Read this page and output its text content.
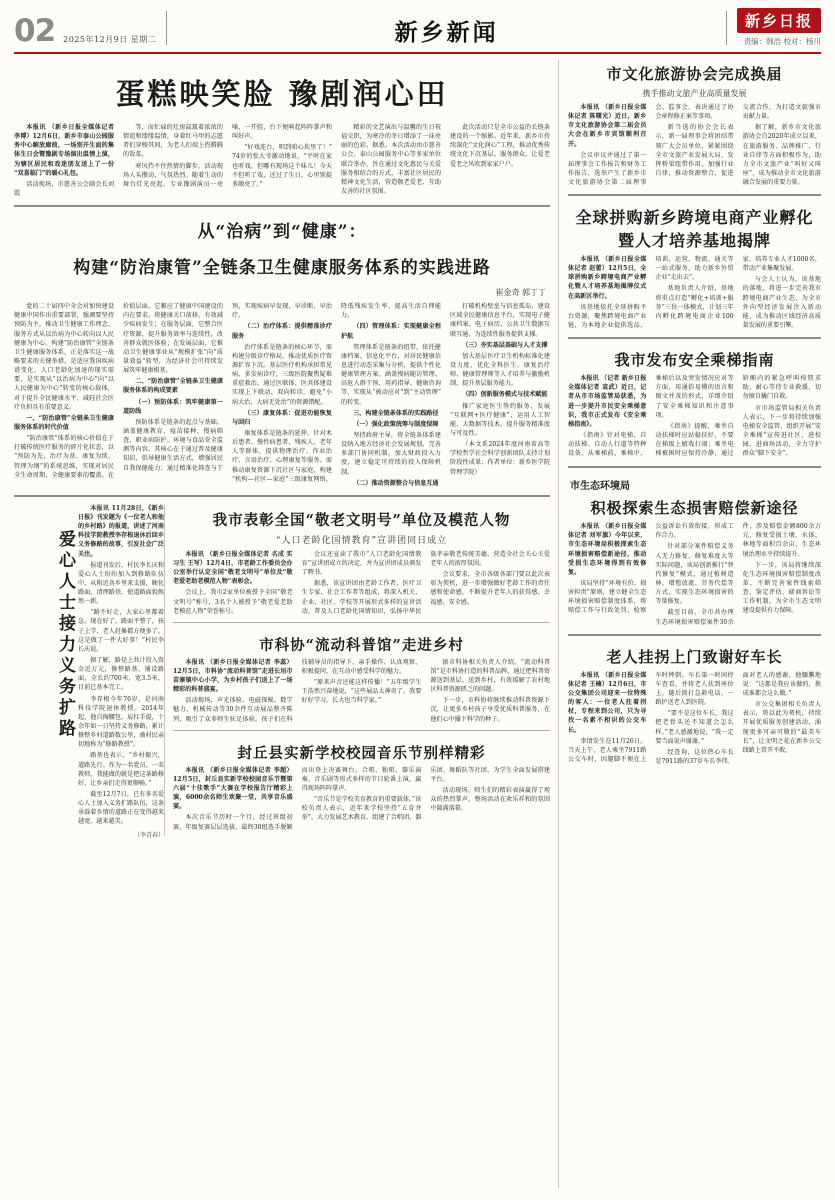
02 2025年12月9日 星期二	新乡新闻	新乡日报
责编：韩浩 校对：杨川
蛋糕映笑脸 豫剧润心田

本报讯 （新乡日报全媒体记者 李博）12月6日，新乡市泰山公园服务中心解放廊前，一场别开生面的集体生日会暨豫剧专场演出温情上演，为辖区居民和戏迷朋友送上了一份“双喜临门”的暖心礼包。

活动现场，市慈善公会副会长刘霞

等，而忙碌的灶房氤氲着浓浓的情谊和缕缕温情，身着红马甲的志愿者们穿梭其间，为老人们端上热腾腾的饭菜。

寒风挡不住热情的脚步，活动现场人头攒动、气氛热烈。随着生动的舞台灯光亮起，专业豫剧演员一亮嗓、一开腔，台下便响起阵阵掌声和叫好声。

“好戏连台，唱到咱心坎里了！”74岁的张大爷激动地说，“平时在家也听戏，但哪有现场这个味儿！今天不但听了戏，还过了生日，心里别提多敞亮了。”

精彩的文艺演出与温馨的生日祝福交织，为寒冷的冬日增添了一抹亮丽的色彩。据悉，本次活动由市慈善公会、泰山公园服务中心等多家单位联合举办，旨在通过文化惠民与关爱服务相结合的方式，丰富社区居民的精神文化生活，营造敬老爱老、互助友善的社区氛围。

此次活动只是全市公益的长链条建设的一个缩影。近年来，新乡市持续深化“文化润心”工程，推动优秀传统文化下沉基层、服务群众，让爱老爱老之风吹到家家户户。

从“治病”到“健康”：
构建“防治康管”全链条卫生健康服务体系的实践进路
崔金奇 郭丁丁

党的二十届四中全会对加快建设健康中国作出重要部署，强调要坚持预防为主，推动卫生健康工作理念、服务方式从以治病为中心转向以人民健康为中心。构建“防治康管”全链条卫生健康服务体系，正是落实这一战略要求的关键举措，是适应我国疾病谱变化、人口老龄化加速的现实需要，是实现从“以治病为中心”向“以人民健康为中心”转变的核心载体，对于提升全民健康水平、减轻社会医疗负担具有重要意义。

一、“防治康管”全链条卫生健康服务体系的时代价值

“防治康管”体系的核心价值在于打破传统医疗服务的碎片化状态，以“预防为先、治疗为基、康复为续、管理为纲”的系统思维，实现对居民全生命周期、全健康要素的覆盖。在价值层面，它顺应了健康中国建设的内在要求，将健康关口前移，有效减少疾病发生；在服务层面，它整合医疗资源，提升服务效率与连续性，改善群众就医体验；在发展层面，它推动卫生健康事业从“规模扩张”向“质量效益”转型，为经济社会可持续发展筑牢健康根基。

二、“防治康管”全链条卫生健康服务体系的构成要素

（一）预防体系：筑牢健康第一道防线

预防体系是链条的起点与基础，涵盖健康教育、疫苗接种、慢病筛查、职业病防护、环境与食品安全监测等内容。其核心在于通过普及健康知识、倡导健康生活方式，增强居民自我保健能力；通过精准化筛查与干预，实现疾病早发现、早诊断、早治疗。

（二）治疗体系：提供精准诊疗服务

治疗体系是链条的核心环节，需构建分级诊疗格局，推动优质医疗资源扩容下沉。基层医疗机构承担常见病、多发病诊疗，三级医院聚焦疑难重症救治，通过医联体、医共体建设实现上下联动、双向转诊，避免“小病大治、大病无处治”的资源错配。

（三）康复体系：促进功能恢复与回归

康复体系是链条的延伸，针对术后患者、慢性病患者、残疾人、老年人等群体，提供物理治疗、作业治疗、言语治疗、心理康复等服务。需推动康复资源下沉社区与家庭，构建“机构—社区—家庭”三级康复网络，降低残疾发生率，提高生活自理能力。

（四）管理体系：实现健康全程护航

管理体系是链条的纽带，依托健康档案、信息化平台，对居民健康信息进行动态采集与分析，提供个性化健康管理方案。涵盖慢病随访管理、高危人群干预、用药指导、健康咨询等，实现从“被动应对”到“主动管理”的转变。

三、构建全链条体系的实践路径

（一）强化政策统筹与制度保障

坚持政府主导，将全链条体系建设纳入地方经济社会发展规划，完善多部门协同机制，加大财政投入力度，建立稳定可持续的投入保障机制。

（二）推动资源整合与信息互通

打破机构壁垒与信息孤岛，建设区域全民健康信息平台，实现电子健康档案、电子病历、公共卫生数据互联互通，为连续性服务提供支撑。

（三）夯实基层基础与人才支撑

加大基层医疗卫生机构标准化建设力度，优化全科医生、康复治疗师、健康管理师等人才培养与激励机制，提升基层服务能力。

（四）创新服务模式与技术赋能

推广家庭医生签约服务，发展“互联网+医疗健康”，运用人工智能、大数据等技术，提升服务精准度与可及性。

（本文系2024年度河南省高等学校哲学社会科学创新团队支持计划阶段性成果；作者单位：新乡医学院管理学院）

爱心人士接力义务扩路

本报讯 11月28日，《新乡日报》刊发题为《一位老人和他的乡村路》的报道，讲述了河南科技学院教授李存根退休后回乡义务修路的故事，引发社会广泛关注。

报道刊发后，村民李长庆和爱心人士纷纷加入到修路队伍中，从附近各乡里来支援，硬化路面、清理路基，使道路面貌焕然一新。

“路不好走，大家心里都着急。现在好了，路面平整了，孩子上学、老人赶集都方便多了，这是做了一件大好事！”村民李长庆说。

据了解，路径上共计投入资金近万元，修整路基、铺设路面，全长约700米，宽3.5米，目前已基本完工。

李存根今年76岁，是河南科技学院退休教授。2014年起，他自掏腰包、肩扛手提，十余年如一日坚持义务修路，累计修整乡村道路数公里，被村民亲切地称为“修路教授”。

路基也表示，“乡村振兴，道路先行。作为一名党员、一名教师，我能做的就是把这条路修好，让乡亲们走得更顺畅。”

截至12月7日，已有多名爱心人士加入义务扩路队伍，这条承载着乡情的道路正在变得越来越宽、越来越美。

（李青春）

我市表彰全国“敬老文明号”单位及模范人物
“人口老龄化国情教育”宣讲团同日成立

本报讯 （新乡日报全媒体记者 名成 实习生 王写）12月4日，市老龄工作委员会办公室举行认定全国“敬老文明号”单位及“敬老爱老助老模范人物”表彰会。

会议上，我市2家单位被授予全国“敬老文明号”称号，3名个人被授予“敬老爱老助老模范人物”荣誉称号。

会议还宣读了我市“人口老龄化国情教育”宣讲团成立的决定，并为宣讲团成员颁发了聘书。

据悉，该宣讲团由老龄工作者、医疗卫生专家、社会工作者等组成，将深入机关、企业、社区、学校等开展形式多样的宣讲活动，普及人口老龄化国情知识，弘扬中华民族孝亲敬老传统美德，营造全社会关心关爱老年人的浓厚氛围。

会议要求，全市各级各部门要以此次表彰为契机，进一步增强做好老龄工作的责任感和使命感，不断提升老年人的获得感、幸福感、安全感。

市科协“流动科普馆”走进乡村

本报讯 （新乡日报全媒体记者 李蕊）12月5日，市科协“流动科普馆”走进长垣市苗寨镇中心小学，为乡村孩子们送上了一场精彩的科普盛宴。

活动现场，声光体验、电磁探秘、数学魅力、机械传动等30余件互动展品整齐陈列，吸引了众多师生驻足体验。孩子们在科技辅导员的指导下，亲手操作、认真观察、积极提问，在互动中感受科学的魅力。

“原来声音还能这样传播！”五年级学生王浩然兴奋地说，“这些展品太神奇了，我要好好学习，长大也当科学家。”

据市科协相关负责人介绍，“流动科普馆”是市科协打造的科普品牌，通过把科普资源送到基层、送到乡村，有效缓解了农村地区科普资源匮乏的问题。

下一步，市科协将继续推动科普资源下沉，让更多乡村孩子享受优质科普服务，在他们心中播下科学的种子。

封丘县实新学校校园音乐节别样精彩

本报讯 （新乡日报全媒体记者 李超）12月5日，封丘县实新学校校园音乐节暨第六届“十佳歌手”大赛在学校报告厅精彩上演，6000余名师生欢聚一堂，共享音乐盛宴。

本次音乐节历时一个月，经过班级初赛、年级复赛层层选拔，最终30组选手脱颖而出登上决赛舞台。合唱、独唱、器乐演奏、音乐剧等形式多样的节目轮番上演，赢得现场阵阵掌声。

“音乐节是学校美育教育的重要载体。”该校负责人表示，近年来学校坚持“五育并举”，大力发展艺术教育，组建了合唱团、器乐团、舞蹈队等社团，为学生全面发展搭建平台。

活动现场，师生们的精彩表演赢得了观众的热烈掌声，整场活动在欢乐祥和的氛围中圆满落幕。

市文化旅游协会完成换届
携手推动文旅产业高质量发展

本报讯 （新乡日报全媒体记者 陈曙光）近日，新乡市文化旅游协会第二届会员大会在新乡市宾馆顺利召开。

会议审议并通过了第一届理事会工作报告和财务工作报告，选举产生了新乡市文化旅游协会第二届理事会、监事会，表决通过了协会章程修正案等事项。

新当选的协会会长表示，新一届理事会将团结带领广大会员单位，紧紧围绕全市文旅产业发展大局，发挥桥梁纽带作用，加强行业自律，推动资源整合，促进交流合作，为打造文旅强市贡献力量。

据了解，新乡市文化旅游协会自2020年成立以来，在旅游服务、品牌推广、行业自律等方面积极作为，助力全市文旅产业“叫好又叫座”，成为推动全市文化旅游融合发展的重要力量。

全球拼购新乡跨境电商产业孵化暨人才培养基地揭牌

本报讯 （新乡日报全媒体记者 赵蕾）12月5日，全球拼购新乡跨境电商产业孵化暨人才培养基地揭牌仪式在高新区举行。

该基地依托全球拼购平台资源，聚焦跨境电商产业链，为本地企业提供选品、培训、运营、物流、通关等一站式服务，助力新乡外贸企业“走出去”。

基地负责人介绍，基地将重点打造“孵化+培训+服务”三位一体模式，计划三年内孵化跨境电商企业100家，培养专业人才1000名，带动产业集聚发展。

与会人士认为，该基地的落地，将进一步完善我市跨境电商产业生态，为全市外向型经济发展注入新动能，成为推动区域经济高质量发展的重要引擎。

我市发布安全乘梯指南

本报讯 （记者 新乡日报全媒体记者 袁武）近日，记者从市市场监管局获悉，为进一步提升市民安全乘梯意识，我市正式发布《安全乘梯指南》。

《指南》针对电梯、自动扶梯、自动人行道等特种设备，从乘梯前、乘梯中、乘梯后以及突发情况应对等方面，用通俗易懂的语言和图文并茂的形式，详细介绍了安全乘梯知识和注意事项。

《指南》提醒，乘坐自动扶梯时应站稳扶好，不要在梯级上嬉戏打闹；乘坐电梯被困时应保持冷静，通过轿厢内的紧急呼叫按钮求助，耐心等待专业救援，切勿擅自撬门自救。

市市场监管局相关负责人表示，下一步将持续加强电梯安全监管，组织开展“安全乘梯”宣传进社区、进校园、进商场活动，全力守护群众“脚下安全”。

市生态环境局
积极探索生态损害赔偿新途径

本报讯 （新乡日报全媒体记者 刘军旗）今年以来，市生态环境局积极探索生态环境损害赔偿新途径，推动受损生态环境得到有效修复。

该局坚持“环境有价、损害担责”原则，建立健全生态环境损害赔偿制度体系，将赔偿工作与行政处罚、检察公益诉讼有效衔接，形成工作合力。

针对部分案件赔偿义务人无力修复、修复难度大等实际问题，该局创新推行“替代修复”模式，通过植树造林、增殖放流、劳务代偿等方式，实现生态环境损害的等量修复。

截至目前，全市共办理生态环境损害赔偿案件30余件，涉及赔偿金额800余万元，修复受损土壤、水体、林地等面积百余亩，生态环境治理水平持续提升。

下一步，该局将继续深化生态环境损害赔偿制度改革，不断完善案件线索筛查、鉴定评估、磋商诉讼等工作机制，为全市生态文明建设提供有力保障。

老人挂拐上门致谢好车长

本报讯 （新乡日报全媒体记者 王楠）12月6日，市公交集团公司迎来一位特殊的客人：一位老人拄着拐杖，专程来到公司，只为寻找一名素不相识的公交车长。

事情发生在11月26日。当天上午，老人乘坐7911路公交车时，因腿脚不便在上车时摔倒。车长第一时间停车查看，并将老人扶到座位上，随后拨打急救电话，一路护送老人到医院。

“要不是这位车长，我这把老骨头还不知道会怎么样。”老人感激地说，“我一定要当面说声谢谢。”

经查询，这位热心车长是7911路的37岁车长李伟。面对老人的感谢，他腼腆地说：“这都是我应该做的，换成谁都会这么做。”

市公交集团相关负责人表示，将以此为契机，持续开展优质服务创建活动，涌现更多可亲可敬的“最美车长”，让文明之花在新乡公交线路上常开不败。
